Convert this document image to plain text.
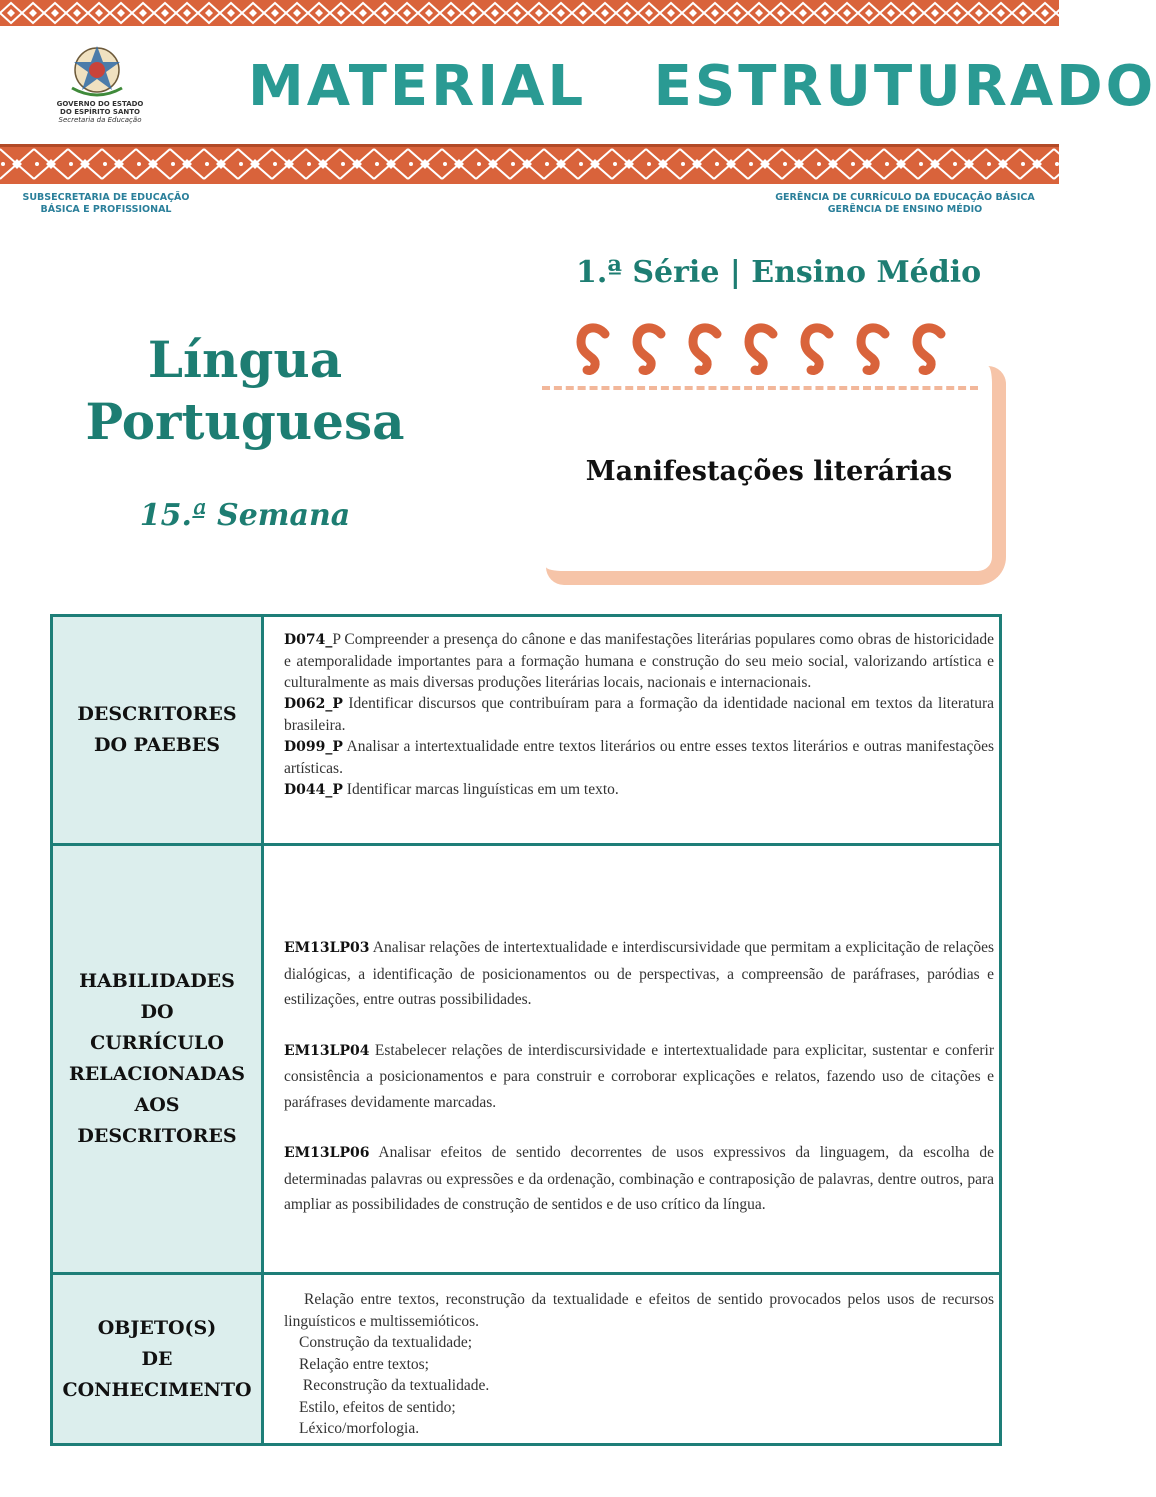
GOVERNO DO ESTADO
DO ESPÍRITO SANTO
Secretaria da Educação
MATERIAL   ESTRUTURADO
SUBSECRETARIA DE EDUCAÇÃO
BÁSICA E PROFISSIONAL
GERÊNCIA DE CURRÍCULO DA EDUCAÇÃO BÁSICA
GERÊNCIA DE ENSINO MÉDIO
1.ª Série | Ensino Médio
Língua
Portuguesa
15.ª Semana
Manifestações literárias
DESCRITORES
DO PAEBES

D074_P Compreender a presença do cânone e das manifestações literárias populares como obras de historicidade e atemporalidade importantes para a formação humana e construção do seu meio social, valorizando artística e culturalmente as mais diversas produções literárias locais, nacionais e internacionais.

D062_P Identificar discursos que contribuíram para a formação da identidade nacional em textos da literatura brasileira.

D099_P Analisar a intertextualidade entre textos literários ou entre esses textos literários e outras manifestações artísticas.

D044_P Identificar marcas linguísticas em um texto.

HABILIDADES
DO
CURRÍCULO
RELACIONADAS
AOS
DESCRITORES

EM13LP03 Analisar relações de intertextualidade e interdiscursividade que permitam a explicitação de relações dialógicas, a identificação de posicionamentos ou de perspectivas, a compreensão de paráfrases, paródias e estilizações, entre outras possibilidades.

EM13LP04 Estabelecer relações de interdiscursividade e intertextualidade para explicitar, sustentar e conferir consistência a posicionamentos e para construir e corroborar explicações e relatos, fazendo uso de citações e paráfrases devidamente marcadas.

EM13LP06 Analisar efeitos de sentido decorrentes de usos expressivos da linguagem, da escolha de determinadas palavras ou expressões e da ordenação, combinação e contraposição de palavras, dentre outros, para ampliar as possibilidades de construção de sentidos e de uso crítico da língua.

OBJETO(S)
DE
CONHECIMENTO

Relação entre textos, reconstrução da textualidade e efeitos de sentido provocados pelos usos de recursos linguísticos e multissemióticos.

Construção da textualidade;

Relação entre textos;

Reconstrução da textualidade.

Estilo, efeitos de sentido;

Léxico/morfologia.
